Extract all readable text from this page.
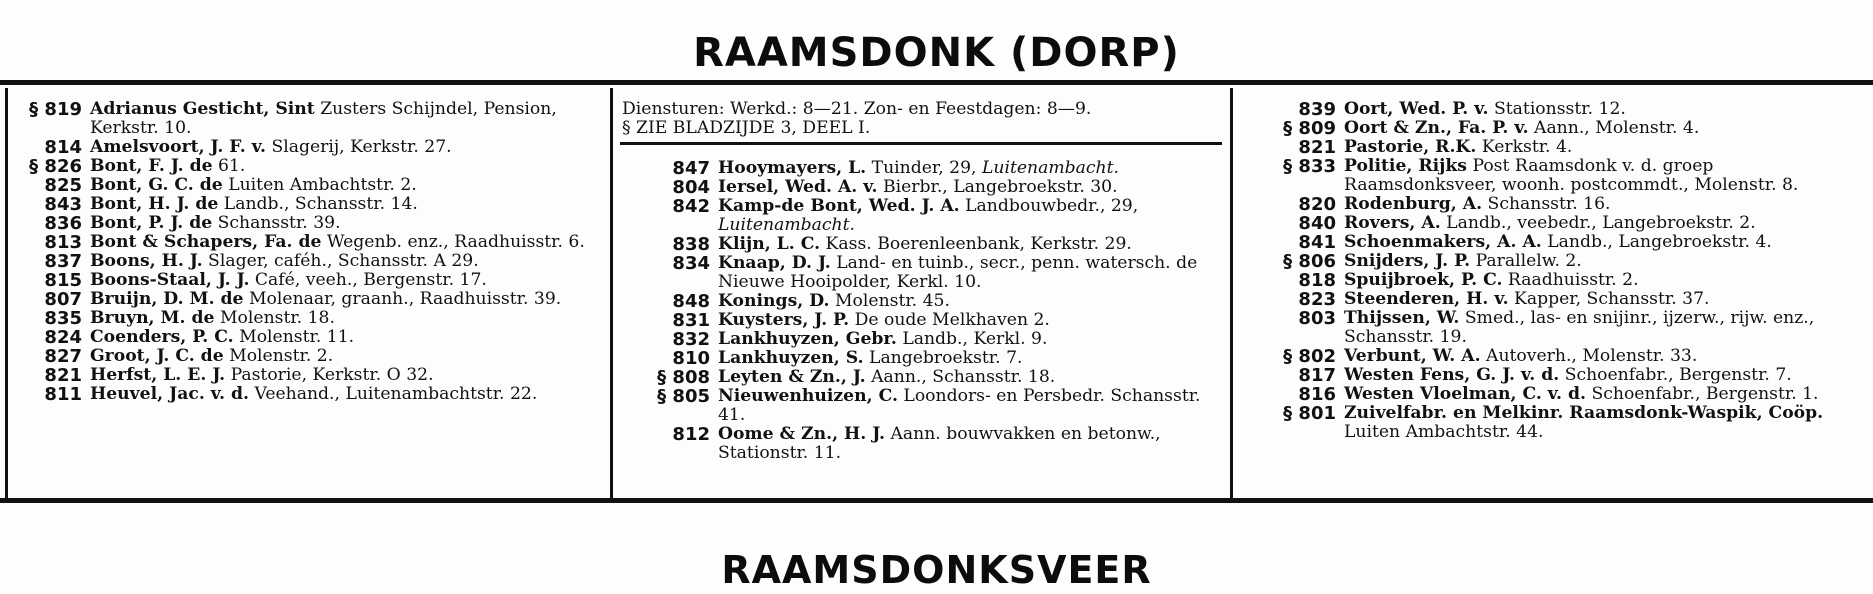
RAAMSDONK (DORP)
§ 819 Adrianus Gesticht, Sint Zusters Schijndel, Pension, Kerkstr. 10.
814 Amelsvoort, J. F. v. Slagerij, Kerkstr. 27.
§ 826 Bont, F. J. de 61.
825 Bont, G. C. de Luiten Ambachtstr. 2.
843 Bont, H. J. de Landb., Schansstr. 14.
836 Bont, P. J. de Schansstr. 39.
813 Bont & Schapers, Fa. de Wegenb. enz., Raadhuisstr. 6.
837 Boons, H. J. Slager, caféh., Schansstr. A 29.
815 Boons-Staal, J. J. Café, veeh., Bergenstr. 17.
807 Bruijn, D. M. de Molenaar, graanh., Raadhuisstr. 39.
835 Bruyn, M. de Molenstr. 18.
824 Coenders, P. C. Molenstr. 11.
827 Groot, J. C. de Molenstr. 2.
821 Herfst, L. E. J. Pastorie, Kerkstr. O 32.
811 Heuvel, Jac. v. d. Veehand., Luitenambachtstr. 22.
Diensturen: Werkd.: 8—21. Zon- en Feestdagen: 8—9.
§ ZIE BLADZIJDE 3, DEEL I.
847 Hooymayers, L. Tuinder, 29, Luitenambacht.
804 Iersel, Wed. A. v. Bierbr., Langebroekstr. 30.
842 Kamp-de Bont, Wed. J. A. Landbouwbedr., 29, Luitenambacht.
838 Klijn, L. C. Kass. Boerenleenbank, Kerkstr. 29.
834 Knaap, D. J. Land- en tuinb., secr., penn. watersch. de Nieuwe Hooipolder, Kerkl. 10.
848 Konings, D. Molenstr. 45.
831 Kuysters, J. P. De oude Melkhaven 2.
832 Lankhuyzen, Gebr. Landb., Kerkl. 9.
810 Lankhuyzen, S. Langebroekstr. 7.
§ 808 Leyten & Zn., J. Aann., Schansstr. 18.
§ 805 Nieuwenhuizen, C. Loondors- en Persbedr. Schansstr. 41.
812 Oome & Zn., H. J. Aann. bouwvakken en betonw., Stationstr. 11.
839 Oort, Wed. P. v. Stationsstr. 12.
§ 809 Oort & Zn., Fa. P. v. Aann., Molenstr. 4.
821 Pastorie, R.K. Kerkstr. 4.
§ 833 Politie, Rijks Post Raamsdonk v. d. groep Raamsdonksveer, woonh. postcommdt., Molenstr. 8.
820 Rodenburg, A. Schansstr. 16.
840 Rovers, A. Landb., veebedr., Langebroekstr. 2.
841 Schoenmakers, A. A. Landb., Langebroekstr. 4.
§ 806 Snijders, J. P. Parallelw. 2.
818 Spuijbroek, P. C. Raadhuisstr. 2.
823 Steenderen, H. v. Kapper, Schansstr. 37.
803 Thijssen, W. Smed., las- en snijinr., ijzerw., rijw. enz., Schansstr. 19.
§ 802 Verbunt, W. A. Autoverh., Molenstr. 33.
817 Westen Fens, G. J. v. d. Schoenfabr., Bergenstr. 7.
816 Westen Vloelman, C. v. d. Schoenfabr., Bergenstr. 1.
§ 801 Zuivelfabr. en Melkinr. Raamsdonk-Waspik, Coöp. Luiten Ambachtstr. 44.
RAAMSDONKSVEER
